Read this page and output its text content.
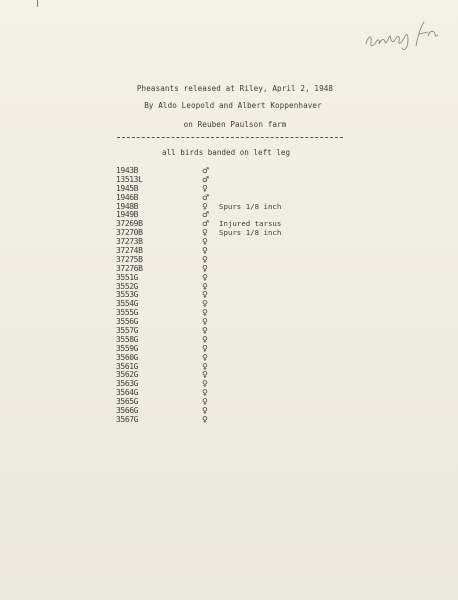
Pheasants released at Riley, April 2, 1948
By Aldo Leopold and Albert Koppenhaver
on Reuben Paulson farm
all birds banded on left leg
1943B	♂
13513L	♂
1945B	♀
1946B	♂
1948B	♀ Spurs 1/8 inch
1949B	♂
37269B	♂ Injured tarsus
37270B	♀ Spurs 1/8 inch
37273B	♀
37274B	♀
37275B	♀
37276B	♀
3551G	♀
3552G	♀
3553G	♀
3554G	♀
3555G	♀
3556G	♀
3557G	♀
3558G	♀
3559G	♀
3560G	♀
3561G	♀
3562G	♀
3563G	♀
3564G	♀
3565G	♀
3566G	♀
3567G	♀
